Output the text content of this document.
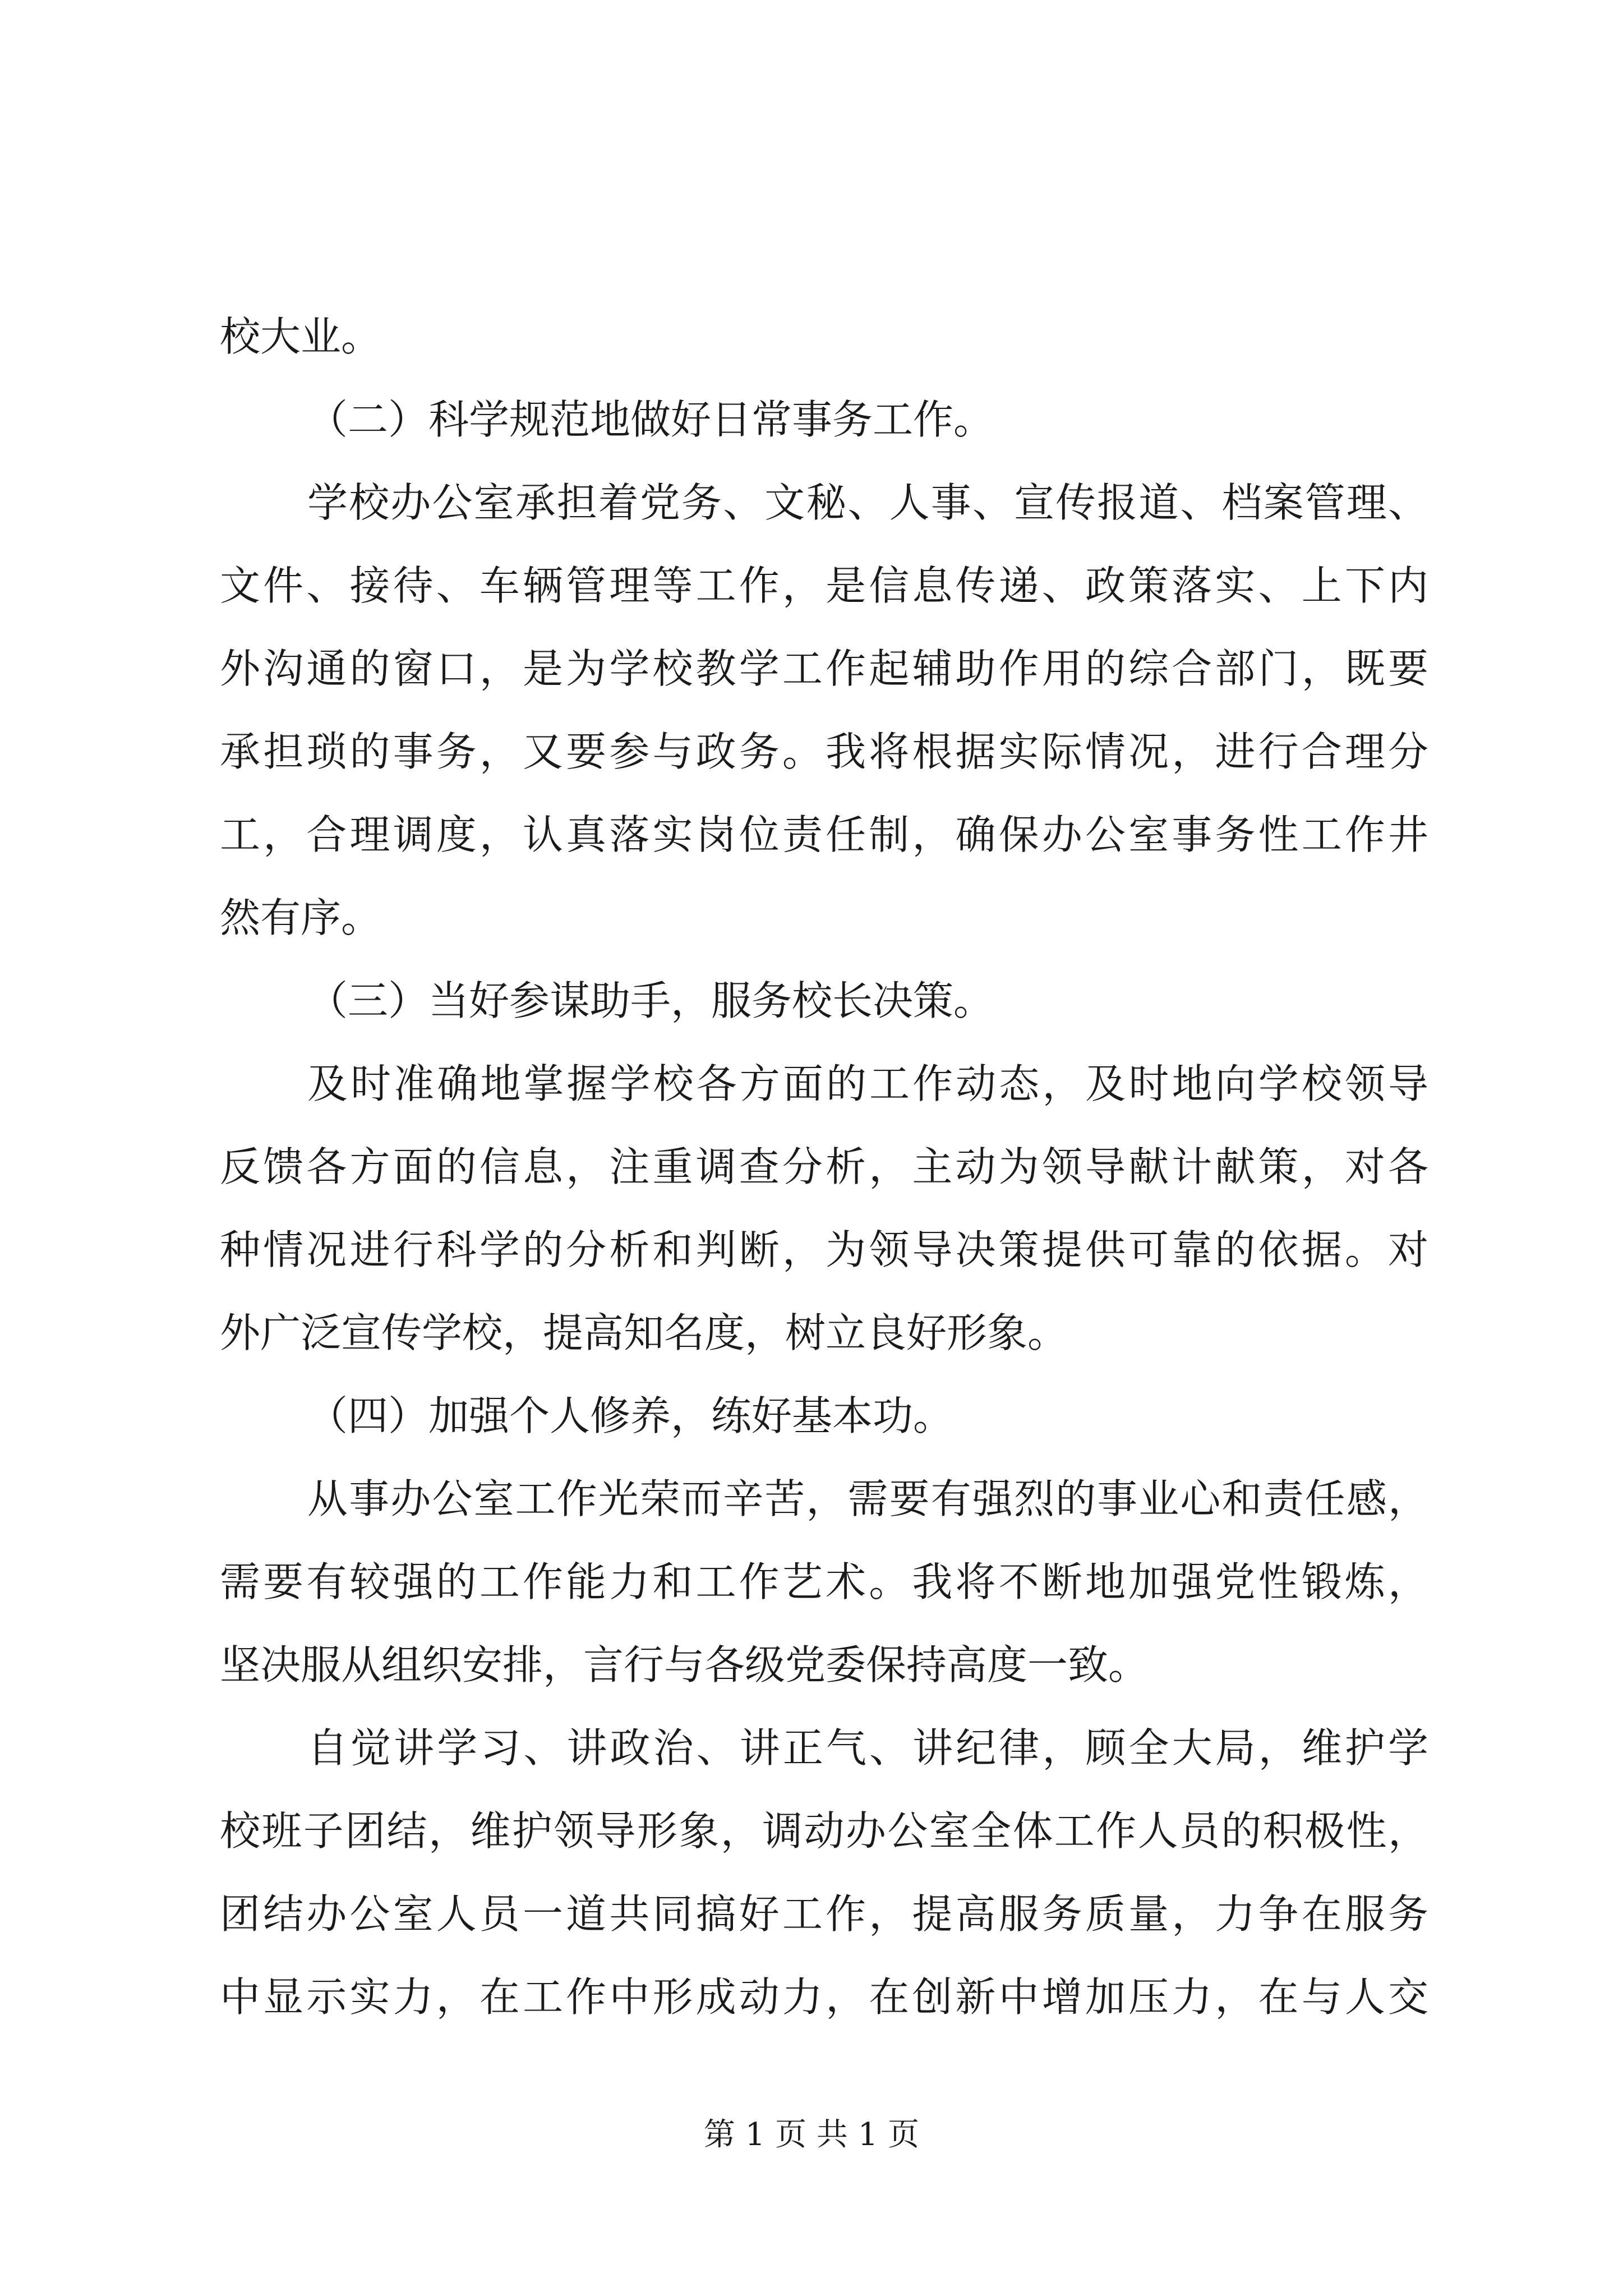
校大业。
（二）科学规范地做好日常事务工作。
学校办公室承担着党务、文秘、人事、宣传报道、档案管理、
文件、接待、车辆管理等工作，是信息传递、政策落实、上下内
外沟通的窗口，是为学校教学工作起辅助作用的综合部门，既要
承担琐的事务，又要参与政务。我将根据实际情况，进行合理分
工，合理调度，认真落实岗位责任制，确保办公室事务性工作井
然有序。
（三）当好参谋助手，服务校长决策。
及时准确地掌握学校各方面的工作动态，及时地向学校领导
反馈各方面的信息，注重调查分析，主动为领导献计献策，对各
种情况进行科学的分析和判断，为领导决策提供可靠的依据。对
外广泛宣传学校，提高知名度，树立良好形象。
（四）加强个人修养，练好基本功。
从事办公室工作光荣而辛苦，需要有强烈的事业心和责任感，
需要有较强的工作能力和工作艺术。我将不断地加强党性锻炼，
坚决服从组织安排，言行与各级党委保持高度一致。
自觉讲学习、讲政治、讲正气、讲纪律，顾全大局，维护学
校班子团结，维护领导形象，调动办公室全体工作人员的积极性，
团结办公室人员一道共同搞好工作，提高服务质量，力争在服务
中显示实力，在工作中形成动力，在创新中增加压力，在与人交
第 1 页 共 1 页
